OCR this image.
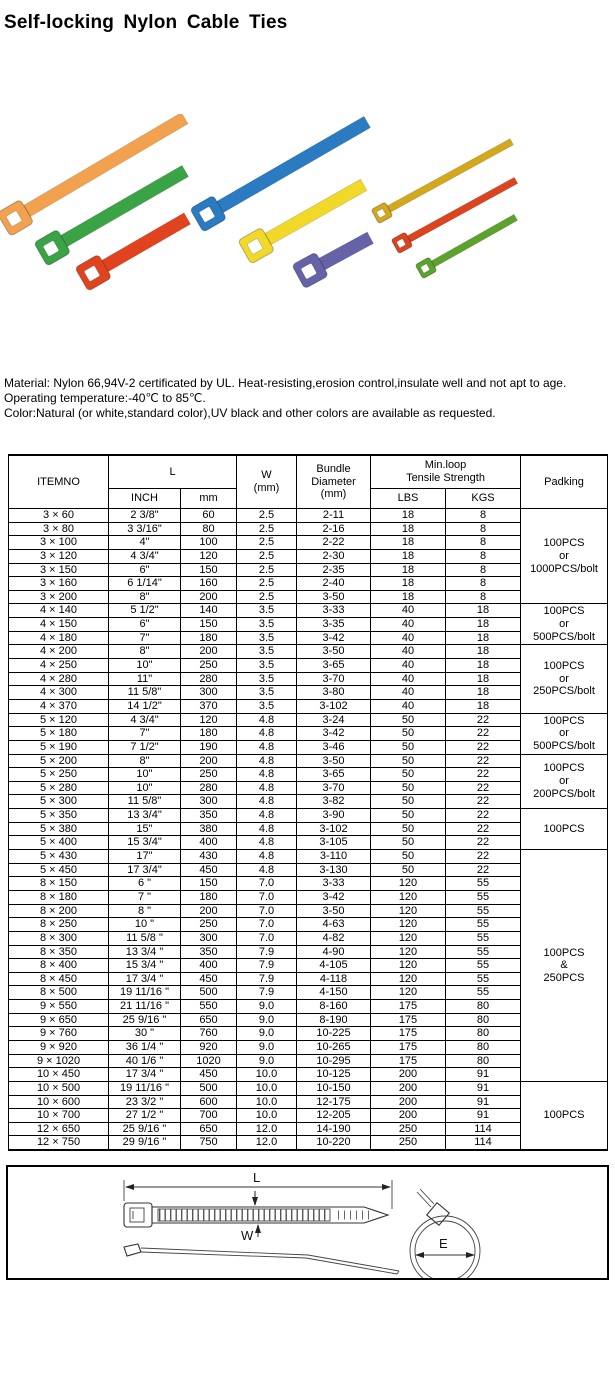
Self-locking Nylon Cable Ties

Material: Nylon 66,94V-2 certificated by UL. Heat-resisting,erosion control,insulate well and not apt to age.

Operating temperature:-40℃ to 85℃.

Color:Natural (or white,standard color),UV black and other colors are available as requested.

ITEMNO	L	W
(mm)

Bundle
Diameter
(mm)

Min.loop
Tensile Strength	Padking
	INCH	mm			LBS	KGS	
3 × 60	2 3/8"	60	2.5	2-11	18	8	100PCS
or
1000PCS/bolt
3 × 80	3 3/16"	80	2.5	2-16	18	8	
3 × 100	4"	100	2.5	2-22	18	8	
3 × 120	4 3/4"	120	2.5	2-30	18	8	
3 × 150	6"	150	2.5	2-35	18	8	
3 × 160	6 1/14"	160	2.5	2-40	18	8	
3 × 200	8"	200	2.5	3-50	18	8	
4 × 140	5 1/2"	140	3.5	3-33	40	18	100PCS
or
500PCS/bolt
4 × 150	6"	150	3.5	3-35	40	18	
4 × 180	7"	180	3.5	3-42	40	18	
4 × 200	8"	200	3.5	3-50	40	18	100PCS
or
250PCS/bolt
4 × 250	10"	250	3.5	3-65	40	18	
4 × 280	11"	280	3.5	3-70	40	18	
4 × 300	11 5/8"	300	3.5	3-80	40	18	
4 × 370	14 1/2"	370	3.5	3-102	40	18	
5 × 120	4 3/4"	120	4.8	3-24	50	22	100PCS
or
500PCS/bolt
5 × 180	7"	180	4.8	3-42	50	22	
5 × 190	7 1/2"	190	4.8	3-46	50	22	
5 × 200	8"	200	4.8	3-50	50	22	100PCS
or
200PCS/bolt
5 × 250	10"	250	4.8	3-65	50	22	
5 × 280	10"	280	4.8	3-70	50	22	
5 × 300	11 5/8"	300	4.8	3-82	50	22	
5 × 350	13 3/4"	350	4.8	3-90	50	22	100PCS
5 × 380	15"	380	4.8	3-102	50	22	
5 × 400	15 3/4"	400	4.8	3-105	50	22	
5 × 430	17"	430	4.8	3-110	50	22	100PCS
&
250PCS
5 × 450	17 3/4"	450	4.8	3-130	50	22	
8 × 150	6 "	150	7.0	3-33	120	55	
8 × 180	7 "	180	7.0	3-42	120	55	
8 × 200	8 "	200	7.0	3-50	120	55	
8 × 250	10 "	250	7.0	4-63	120	55	
8 × 300	11 5/8 "	300	7.0	4-82	120	55	
8 × 350	13 3/4 "	350	7.9	4-90	120	55	
8 × 400	15 3/4 "	400	7.9	4-105	120	55	
8 × 450	17 3/4 "	450	7.9	4-118	120	55	
8 × 500	19 11/16 "	500	7.9	4-150	120	55	
9 × 550	21 11/16 "	550	9.0	8-160	175	80	
9 × 650	25 9/16 "	650	9.0	8-190	175	80	
9 × 760	30 "	760	9.0	10-225	175	80	
9 × 920	36 1/4 "	920	9.0	10-265	175	80	
9 × 1020	40 1/6 "	1020	9.0	10-295	175	80	
10 × 450	17 3/4 "	450	10.0	10-125	200	91	
10 × 500	19 11/16 "	500	10.0	10-150	200	91	100PCS
10 × 600	23 3/2 "	600	10.0	12-175	200	91	
10 × 700	27 1/2 "	700	10.0	12-205	200	91	
12 × 650	25 9/16 "	650	12.0	14-190	250	114	
12 × 750	29 9/16 "	750	12.0	10-220	250	114	
L
W
E
